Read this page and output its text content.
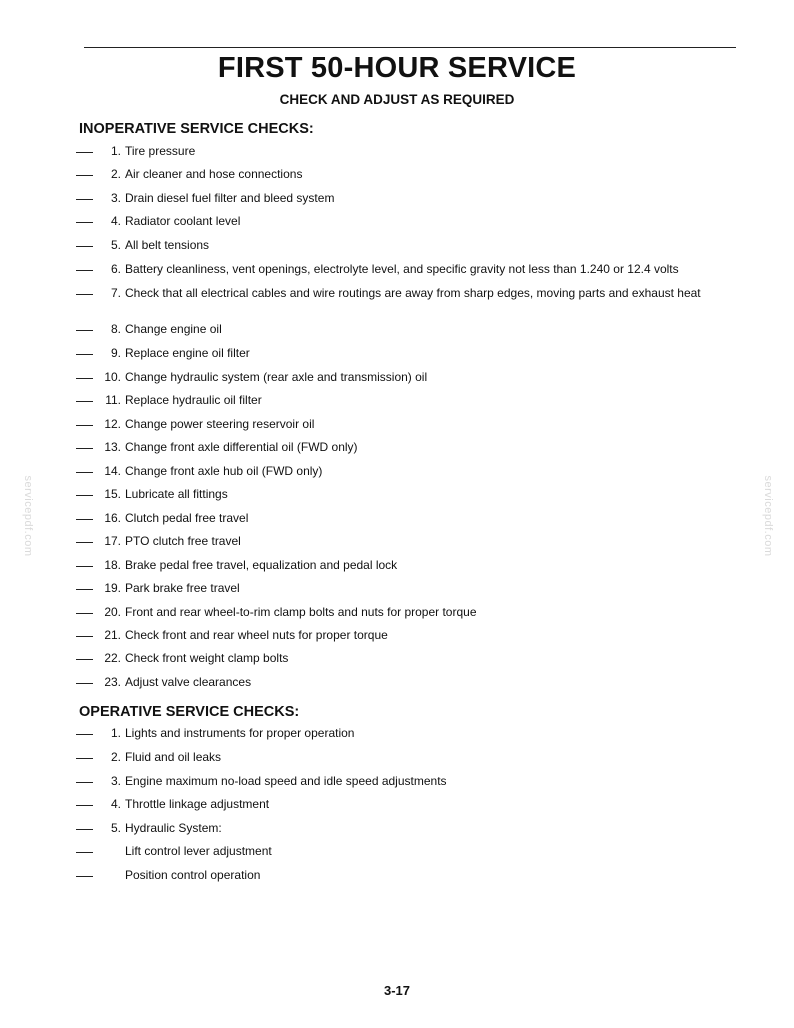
FIRST 50-HOUR SERVICE
CHECK AND ADJUST AS REQUIRED
INOPERATIVE SERVICE CHECKS:
1. Tire pressure
2. Air cleaner and hose connections
3. Drain diesel fuel filter and bleed system
4. Radiator coolant level
5. All belt tensions
6. Battery cleanliness, vent openings, electrolyte level, and specific gravity not less than 1.240 or 12.4 volts
7. Check that all electrical cables and wire routings are away from sharp edges, moving parts and exhaust heat
8. Change engine oil
9. Replace engine oil filter
10. Change hydraulic system (rear axle and transmission) oil
11. Replace hydraulic oil filter
12. Change power steering reservoir oil
13. Change front axle differential oil (FWD only)
14. Change front axle hub oil (FWD only)
15. Lubricate all fittings
16. Clutch pedal free travel
17. PTO clutch free travel
18. Brake pedal free travel, equalization and pedal lock
19. Park brake free travel
20. Front and rear wheel-to-rim clamp bolts and nuts for proper torque
21. Check front and rear wheel nuts for proper torque
22. Check front weight clamp bolts
23. Adjust valve clearances
OPERATIVE SERVICE CHECKS:
1. Lights and instruments for proper operation
2. Fluid and oil leaks
3. Engine maximum no-load speed and idle speed adjustments
4. Throttle linkage adjustment
5. Hydraulic System:
Lift control lever adjustment
Position control operation
3-17
servicepdf.com	servicepdf.com
